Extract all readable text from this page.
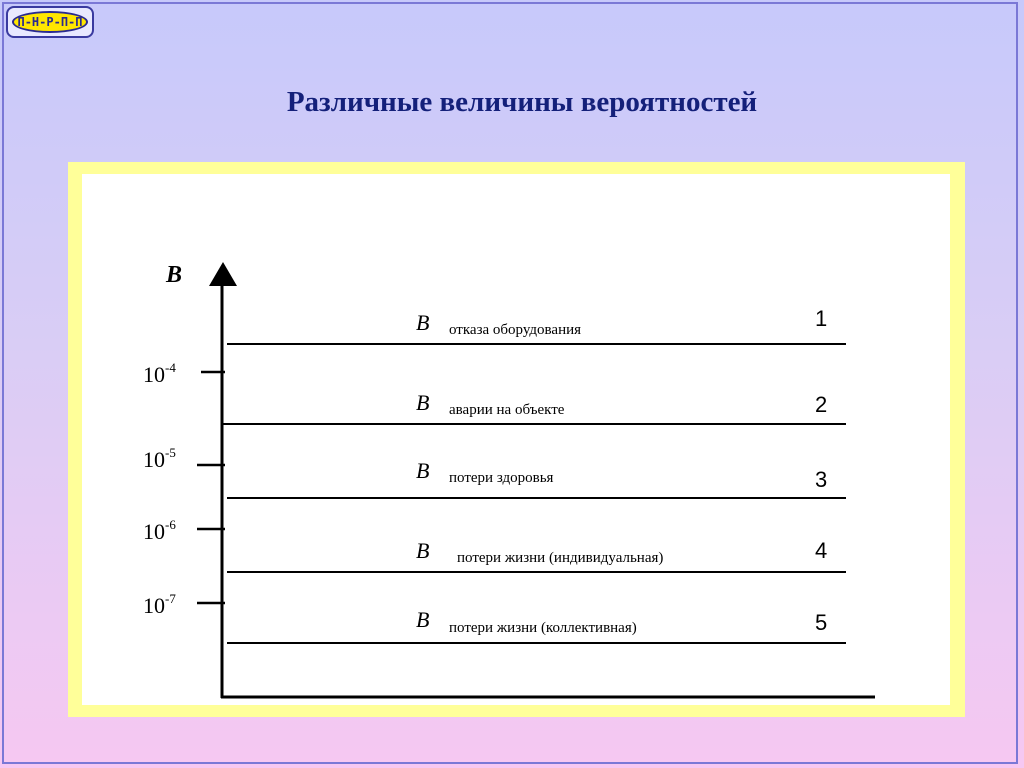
П-Н-Р-П-П
Различные величины вероятностей
B
$10^{-4}$
$10^{-5}$
$10^{-6}$
$10^{-7}$
B отказа оборудования	1
B аварии на объекте	2
B потери здоровья	3
B потери жизни (индивидуальная)	4
B потери жизни (коллективная)	5
